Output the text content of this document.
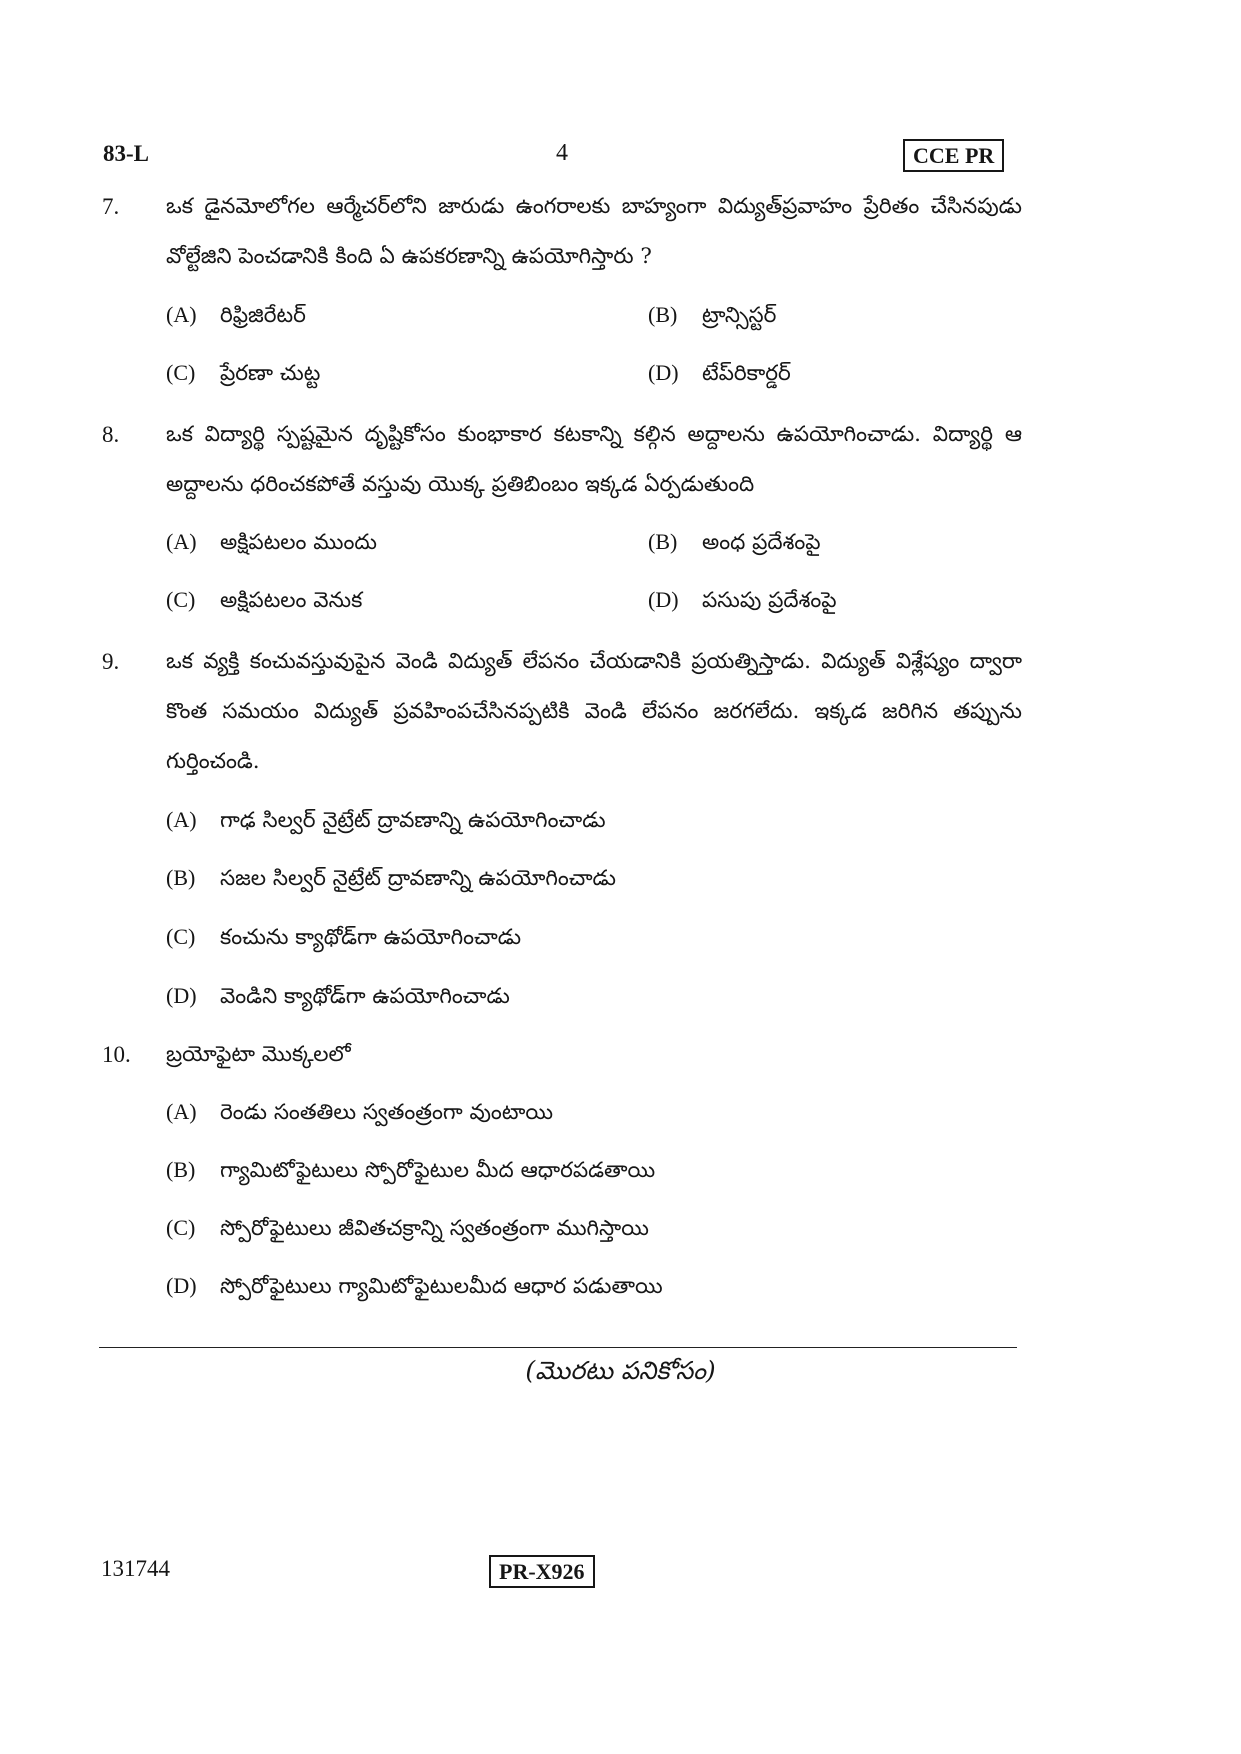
83-L	4	CCE PR
7. ఒక డైనమోలోగల ఆర్మేచర్‌లోని జారుడు ఉంగరాలకు బాహ్యంగా విద్యుత్‌ప్రవాహం ప్రేరితం చేసినపుడు వోల్టేజిని పెంచడానికి కింది ఏ ఉపకరణాన్ని ఉపయోగిస్తారు ?
(A) రిఫ్రిజిరేటర్	(B) ట్రాన్సిస్టర్
(C) ప్రేరణా చుట్ట	(D) టేప్‌రికార్డర్
8. ఒక విద్యార్థి స్పష్టమైన దృష్టికోసం కుంభాకార కటకాన్ని కల్గిన అద్దాలను ఉపయోగించాడు. విద్యార్థి ఆ అద్దాలను ధరించకపోతే వస్తువు యొక్క ప్రతిబింబం ఇక్కడ ఏర్పడుతుంది
(A) అక్షిపటలం ముందు	(B) అంధ ప్రదేశంపై
(C) అక్షిపటలం వెనుక	(D) పసుపు ప్రదేశంపై
9. ఒక వ్యక్తి కంచువస్తువుపైన వెండి విద్యుత్ లేపనం చేయడానికి ప్రయత్నిస్తాడు. విద్యుత్ విశ్లేష్యం ద్వారా కొంత సమయం విద్యుత్ ప్రవహింపచేసినప్పటికి వెండి లేపనం జరగలేదు. ఇక్కడ జరిగిన తప్పును గుర్తించండి.
(A) గాఢ సిల్వర్ నైట్రేట్ ద్రావణాన్ని ఉపయోగించాడు
(B) సజల సిల్వర్ నైట్రేట్ ద్రావణాన్ని ఉపయోగించాడు
(C) కంచును క్యాథోడ్‌గా ఉపయోగించాడు
(D) వెండిని క్యాథోడ్‌గా ఉపయోగించాడు
10. బ్రయోఫైటా మొక్కలలో
(A) రెండు సంతతిలు స్వతంత్రంగా వుంటాయి
(B) గ్యామిటోఫైటులు స్పోరోఫైటుల మీద ఆధారపడతాయి
(C) స్పోరోఫైటులు జీవితచక్రాన్ని స్వతంత్రంగా ముగిస్తాయి
(D) స్పోరోఫైటులు గ్యామిటోఫైటులమీద ఆధార పడుతాయి
(మొరటు పనికోసం)
131744	PR-X926
